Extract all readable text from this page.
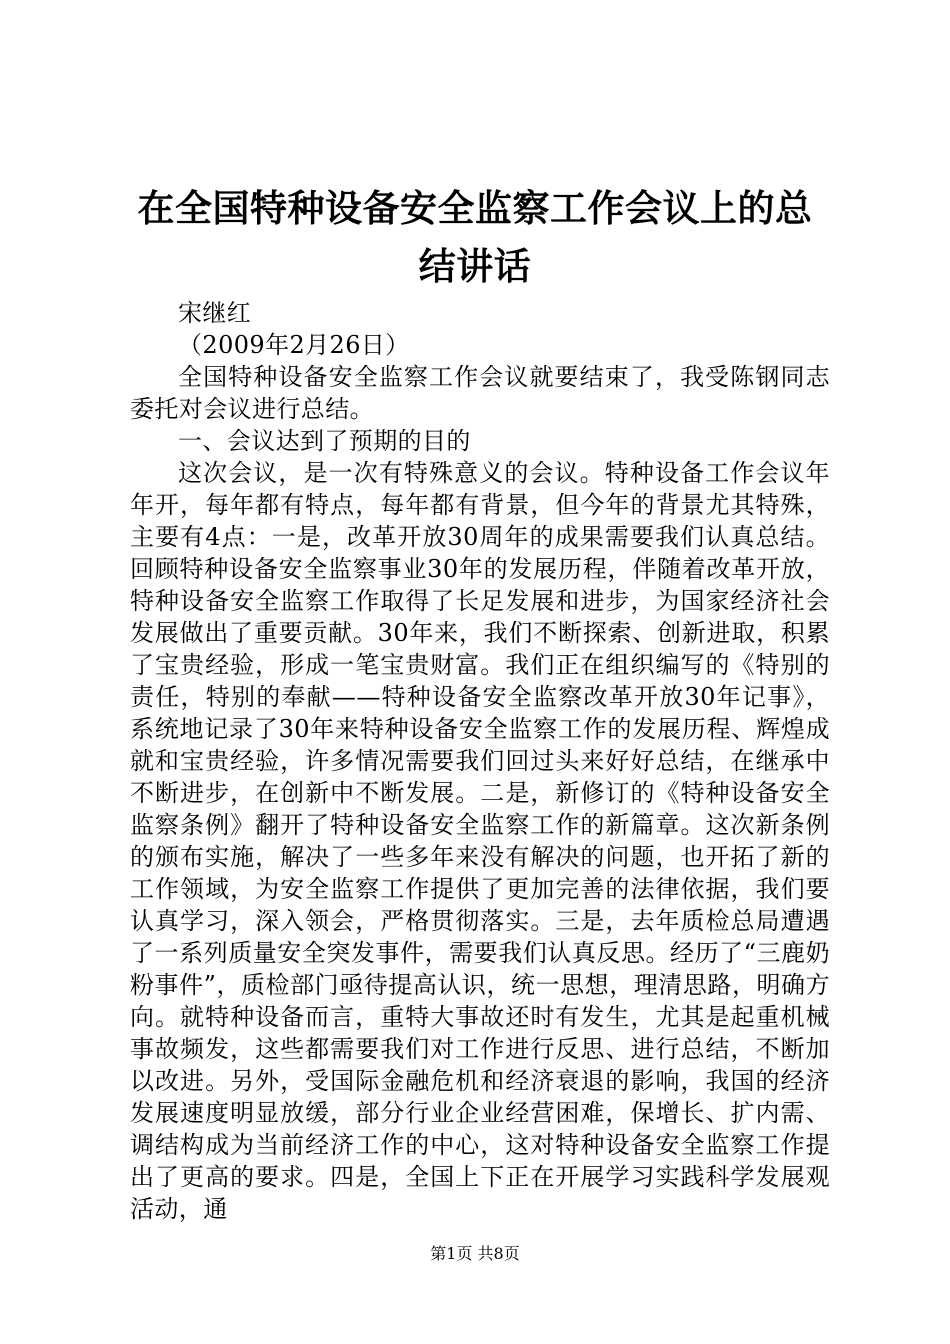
在全国特种设备安全监察工作会议上的总结讲话

宋继红

（2009年2月26日）

全国特种设备安全监察工作会议就要结束了，我受陈钢同志委托对会议进行总结。

一、会议达到了预期的目的

这次会议，是一次有特殊意义的会议。特种设备工作会议年年开，每年都有特点，每年都有背景，但今年的背景尤其特殊，主要有4点：一是，改革开放30周年的成果需要我们认真总结。回顾特种设备安全监察事业30年的发展历程，伴随着改革开放，特种设备安全监察工作取得了长足发展和进步，为国家经济社会发展做出了重要贡献。30年来，我们不断探索、创新进取，积累了宝贵经验，形成一笔宝贵财富。我们正在组织编写的《特别的责任，特别的奉献——特种设备安全监察改革开放30年记事》，系统地记录了30年来特种设备安全监察工作的发展历程、辉煌成就和宝贵经验，许多情况需要我们回过头来好好总结，在继承中不断进步，在创新中不断发展。二是，新修订的《特种设备安全监察条例》翻开了特种设备安全监察工作的新篇章。这次新条例的颁布实施，解决了一些多年来没有解决的问题，也开拓了新的工作领域，为安全监察工作提供了更加完善的法律依据，我们要认真学习，深入领会，严格贯彻落实。三是，去年质检总局遭遇了一系列质量安全突发事件，需要我们认真反思。经历了“三鹿奶粉事件”，质检部门亟待提高认识，统一思想，理清思路，明确方向。就特种设备而言，重特大事故还时有发生，尤其是起重机械事故频发，这些都需要我们对工作进行反思、进行总结，不断加以改进。另外，受国际金融危机和经济衰退的影响，我国的经济发展速度明显放缓，部分行业企业经营困难，保增长、扩内需、调结构成为当前经济工作的中心，这对特种设备安全监察工作提出了更高的要求。四是，全国上下正在开展学习实践科学发展观活动，通

第1页 共8页
